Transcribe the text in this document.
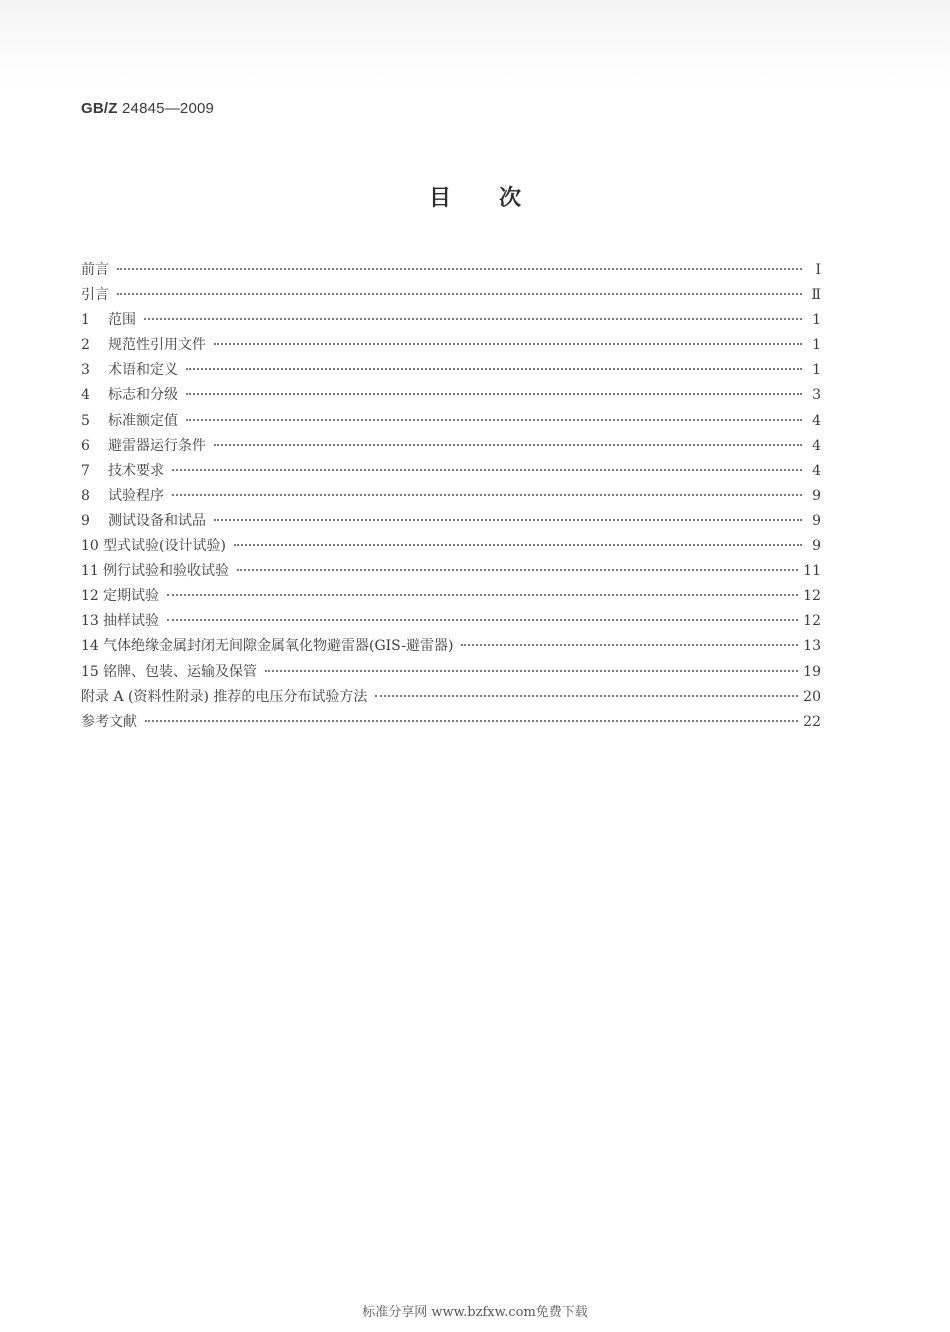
GB/Z 24845—2009
目次
前言	Ⅰ
引言	Ⅱ
1	范围	1
2	规范性引用文件	1
3	术语和定义	1
4	标志和分级	3
5	标准额定值	4
6	避雷器运行条件	4
7	技术要求	4
8	试验程序	9
9	测试设备和试品	9
10 型式试验(设计试验)	9
11 例行试验和验收试验	11
12 定期试验	12
13 抽样试验	12
14 气体绝缘金属封闭无间隙金属氧化物避雷器(GIS-避雷器)	13
15 铭牌、包装、运输及保管	19
附录 A (资料性附录) 推荐的电压分布试验方法	20
参考文献	22
标准分享网 www.bzfxw.com免费下载
